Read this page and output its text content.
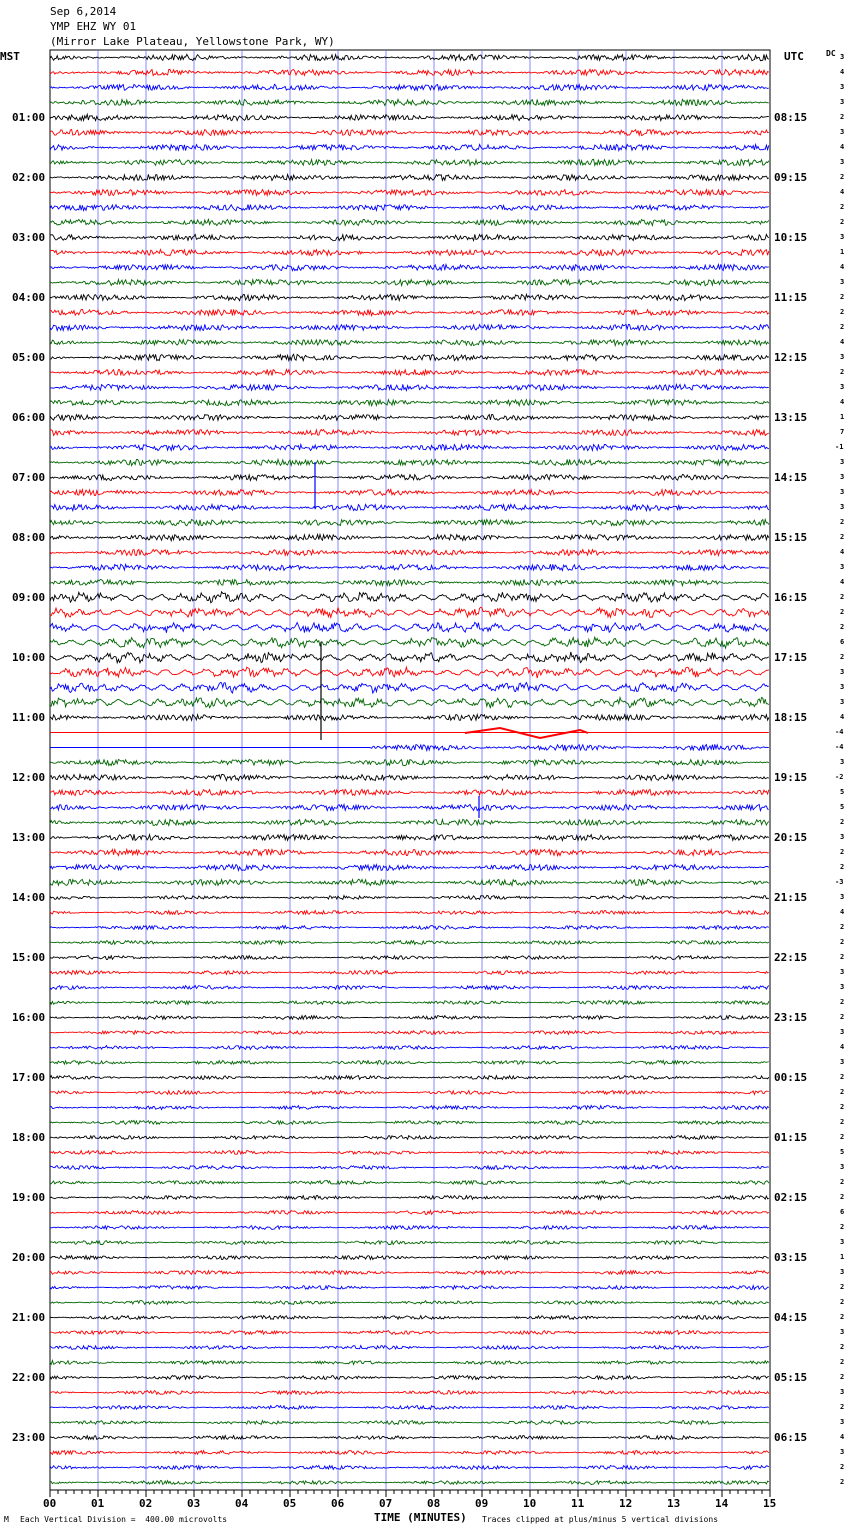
Sep 6,2014
YMP EHZ WY 01
(Mirror Lake Plateau, Yellowstone Park, WY)
MST	UTC	DC
00	01	02	03	04	05	06	07	08	09	10	11	12	13	14	15
01:00
02:00
03:00
04:00
05:00
06:00
07:00
08:00
09:00
10:00
11:00
12:00
13:00
14:00
15:00
16:00
17:00
18:00
19:00
20:00
21:00
22:00
23:00
08:15
09:15
10:15
11:15
12:15
13:15
14:15
15:15
16:15
17:15
18:15
19:15
20:15
21:15
22:15
23:15
00:15
01:15
02:15
03:15
04:15
05:15
06:15
3
4
3
3
2
3
4
3
2
4
2
2
3
1
4
3
2
2
2
4
3
2
3
4
1
7
-1
3
3
3
3
2
2
4
3
4
2
2
2
6
2
3
3
3
4
-4
-4
3
-2
5
5
2
3
2
2
-3
3
4
2
2
2
3
3
2
2
3
4
3
2
2
2
2
2
5
3
2
2
6
2
3
1
3
2
2
2
3
2
2
2
3
2
3
4
3
2
2
M Each Vertical Division =  400.00 microvolts	TIME (MINUTES) Traces clipped at plus/minus 5 vertical divisions
